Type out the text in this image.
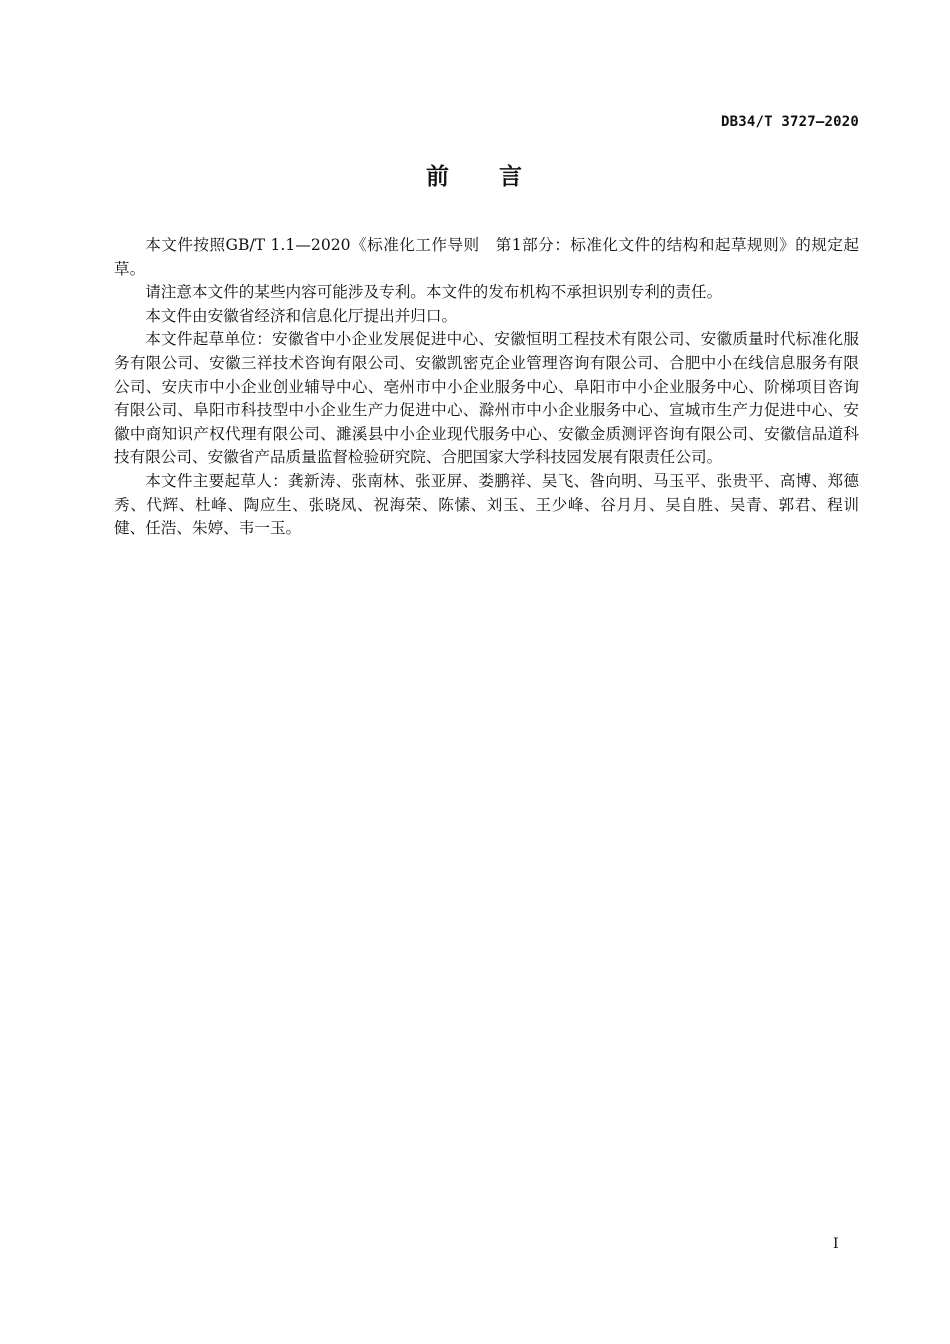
DB34/T 3727—2020
前 言

本文件按照GB/T 1.1—2020《标准化工作导则　第1部分：标准化文件的结构和起草规则》的规定起草。

请注意本文件的某些内容可能涉及专利。本文件的发布机构不承担识别专利的责任。

本文件由安徽省经济和信息化厅提出并归口。

本文件起草单位：安徽省中小企业发展促进中心、安徽恒明工程技术有限公司、安徽质量时代标准化服务有限公司、安徽三祥技术咨询有限公司、安徽凯密克企业管理咨询有限公司、合肥中小在线信息服务有限公司、安庆市中小企业创业辅导中心、亳州市中小企业服务中心、阜阳市中小企业服务中心、阶梯项目咨询有限公司、阜阳市科技型中小企业生产力促进中心、滁州市中小企业服务中心、宣城市生产力促进中心、安徽中商知识产权代理有限公司、濉溪县中小企业现代服务中心、安徽金质测评咨询有限公司、安徽信品道科技有限公司、安徽省产品质量监督检验研究院、合肥国家大学科技园发展有限责任公司。

本文件主要起草人：龚新涛、张南林、张亚屏、娄鹏祥、吴飞、昝向明、马玉平、张贵平、高博、郑德秀、代辉、杜峰、陶应生、张晓凤、祝海荣、陈愫、刘玉、王少峰、谷月月、吴自胜、吴青、郭君、程训健、任浩、朱婷、韦一玉。

I
